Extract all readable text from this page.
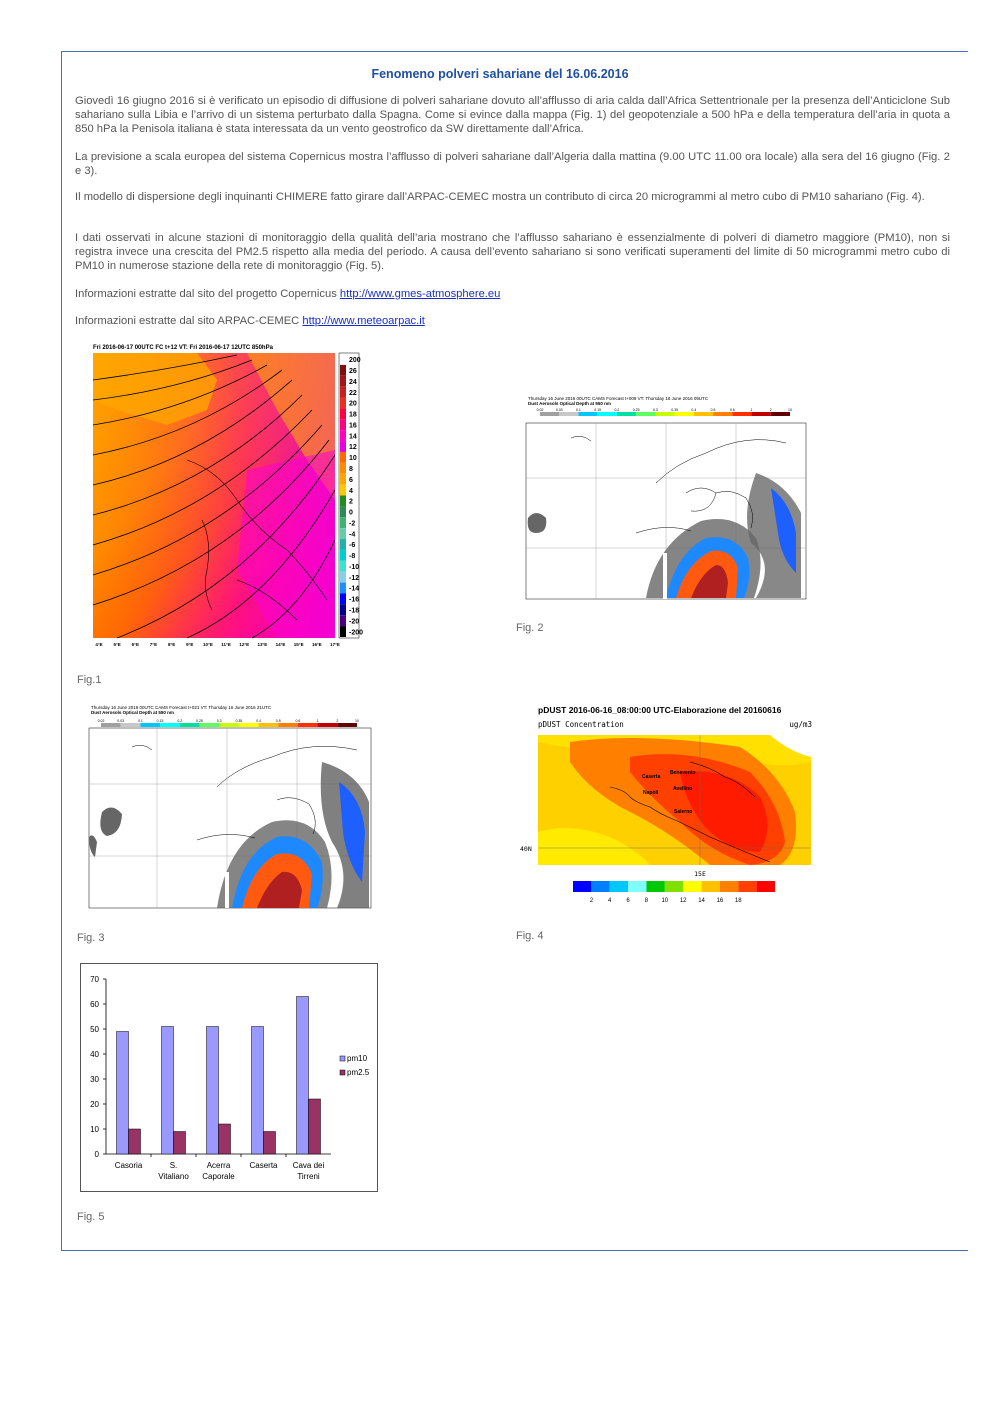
Fenomeno polveri sahariane del 16.06.2016
Giovedì 16 giugno 2016 si è verificato un episodio di diffusione di polveri sahariane dovuto all’afflusso di aria calda dall’Africa Settentrionale per la presenza dell’Anticiclone Sub sahariano sulla Libia e l’arrivo di un sistema perturbato dalla Spagna. Come si evince dalla mappa (Fig. 1) del geopotenziale a 500 hPa e della temperatura dell’aria in quota a 850 hPa la Penisola italiana è stata interessata da un vento geostrofico da SW direttamente dall’Africa.
La previsione a scala europea del sistema Copernicus mostra l’afflusso di polveri sahariane dall’Algeria dalla mattina (9.00 UTC 11.00 ora locale) alla sera del 16 giugno (Fig. 2 e 3).
Il modello di dispersione degli inquinanti CHIMERE fatto girare dall’ARPAC-CEMEC mostra un contributo di circa 20 microgrammi al metro cubo di PM10 sahariano (Fig. 4).
I dati osservati in alcune stazioni di monitoraggio della qualità dell’aria mostrano che l’afflusso sahariano è essenzialmente di polveri di diametro maggiore (PM10), non si registra invece una crescita del PM2.5 rispetto alla media del periodo. A causa dell’evento sahariano si sono verificati superamenti del limite di 50 microgrammi metro cubo di PM10 in numerose stazione della rete di monitoraggio (Fig. 5).
Informazioni estratte dal sito del progetto Copernicus http://www.gmes-atmosphere.eu
Informazioni estratte dal sito ARPAC-CEMEC http://www.meteoarpac.it
Fri 2016-06-17 00UTC FC t+12 VT: Fri 2016-06-17 12UTC 850hPa
200
26
24
22
20
18
16
14
12
10
8
6
4
2
0
-2
-4
-6
-8
-10
-12
-14
-16
-18
-20
-200
4°E 5°E 6°E 7°E 8°E 9°E 10°E 11°E 12°E 13°E 14°E 15°E 16°E 17°E
Fig.1
Thursday 16 June 2016 00UTC CAMS Forecast t+009 VT: Thursday 16 June 2016 09UTC
Dust Aerosols Optical Depth at 550 nm
0.02	0.03	0.1	0.15	0.2	0.25	0.3	0.35	0.4	0.5	0.6	1	2	10
Fig. 2
Thursday 16 June 2016 00UTC CAMS Forecast t+021 VT: Thursday 16 June 2016 21UTC
Dust Aerosols Optical Depth at 550 nm
0.02	0.03	0.1	0.15	0.2	0.25	0.3	0.35	0.4	0.5	0.6	1	2	10
Fig. 3
pDUST 2016-06-16_08:00:00 UTC-Elaborazione del 20160616
pDUST Concentration	ug/m3
40N
15E
Caserta
Benevento
Napoli
Avellino
Salerno
2	4	6	8 10 12 14 16 18
Fig. 4
0
10
20
30
40
50
60
70
Casoria	S.
Vitaliano
Acerra
Caporale
Caserta Cava dei
Tirreni
pm10
pm2.5
Fig. 5
